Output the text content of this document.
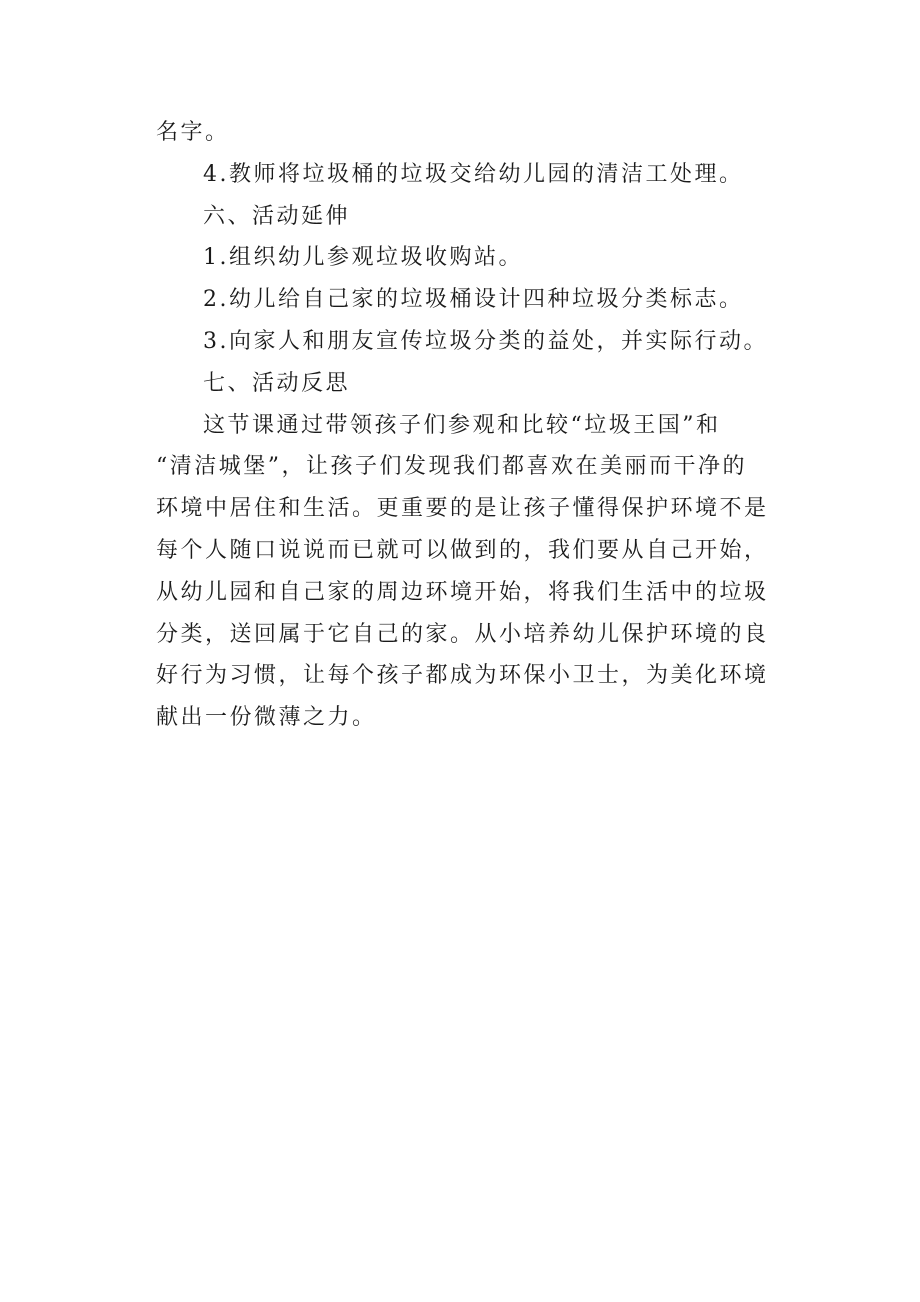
名字。
4.教师将垃圾桶的垃圾交给幼儿园的清洁工处理。
六、活动延伸
1.组织幼儿参观垃圾收购站。
2.幼儿给自己家的垃圾桶设计四种垃圾分类标志。
3.向家人和朋友宣传垃圾分类的益处，并实际行动。
七、活动反思
这节课通过带领孩子们参观和比较“垃圾王国”和
“清洁城堡”，让孩子们发现我们都喜欢在美丽而干净的
环境中居住和生活。更重要的是让孩子懂得保护环境不是
每个人随口说说而已就可以做到的，我们要从自己开始，
从幼儿园和自己家的周边环境开始，将我们生活中的垃圾
分类，送回属于它自己的家。从小培养幼儿保护环境的良
好行为习惯，让每个孩子都成为环保小卫士，为美化环境
献出一份微薄之力。
